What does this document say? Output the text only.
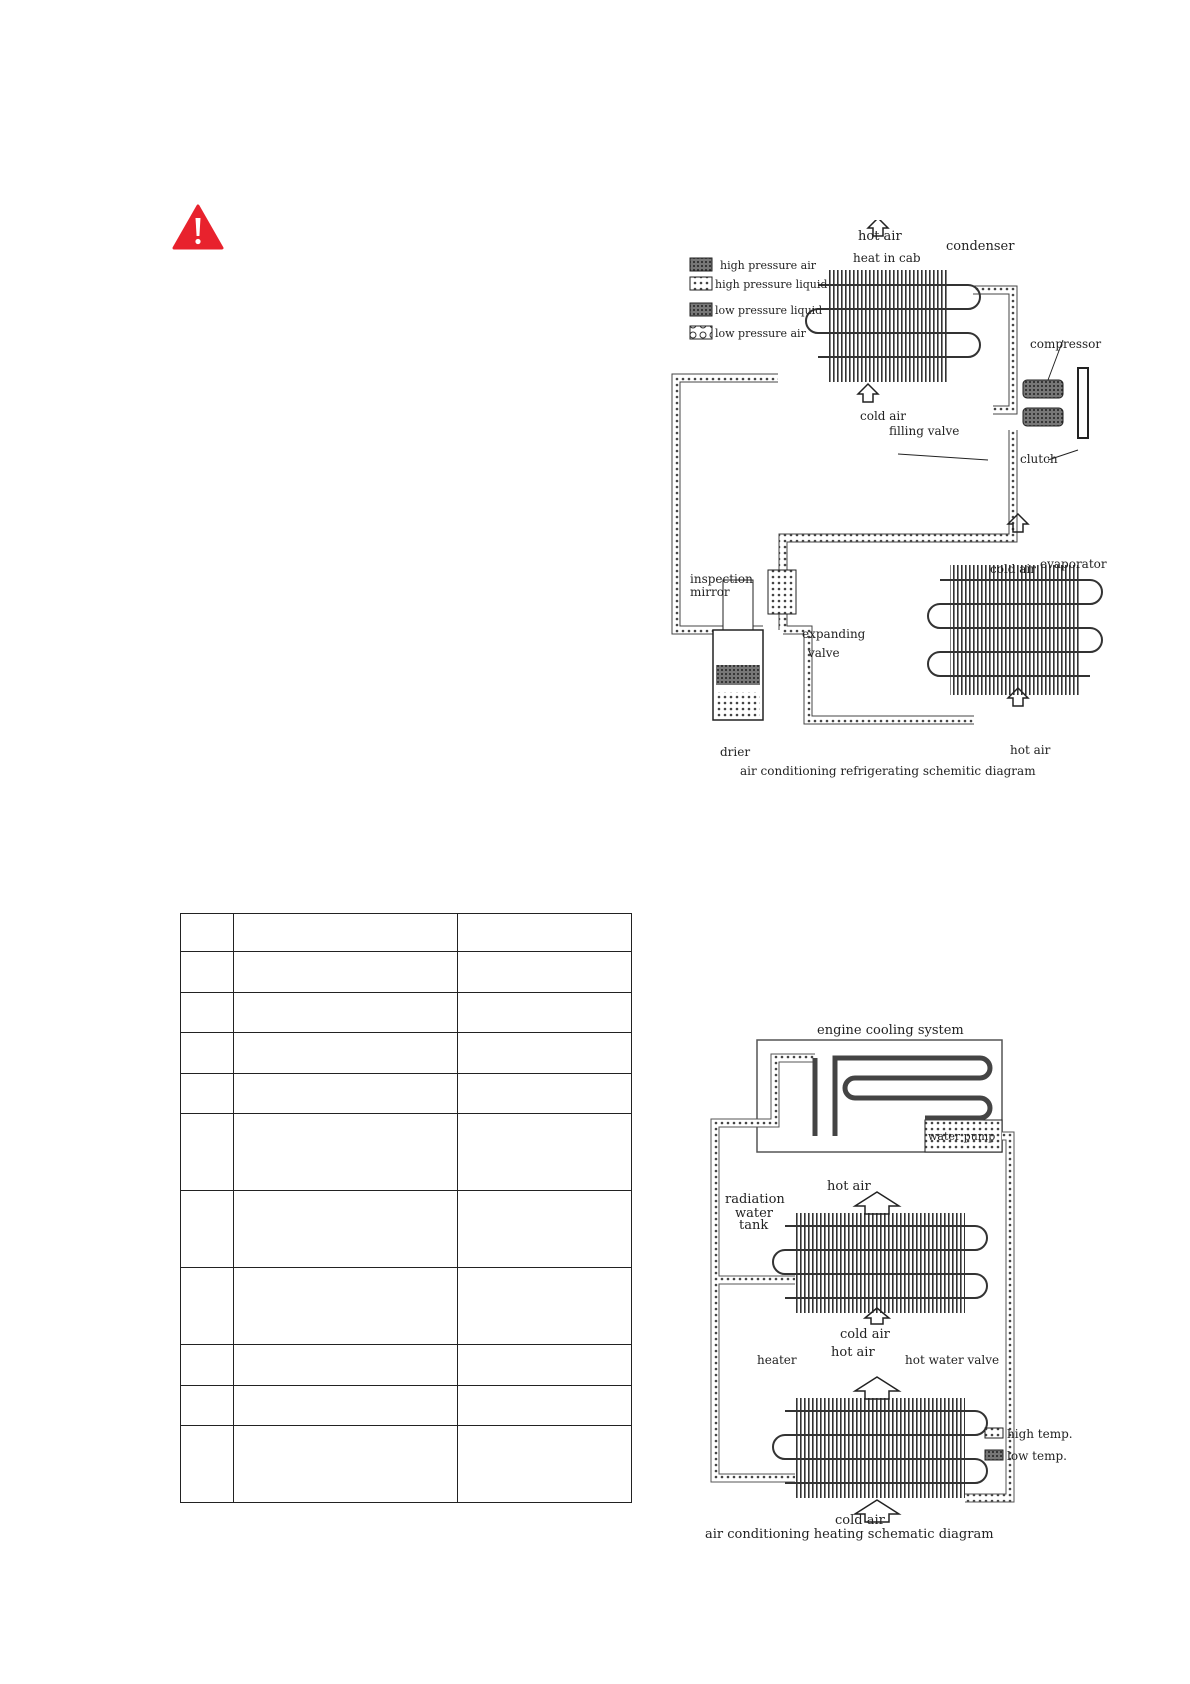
hot air
heat in cab
condenser
high pressure air
high pressure liquid
low pressure liquid
low pressure air
compressor
cold air
filling valve
clutch
cold air evaporator
inspection
mirror
expanding
valve
drier	hot air
air conditioning refrigerating schemitic diagram

engine cooling system
water pump
radiation
water
tank
hot air
cold air
heater	hot air	hot water valve
high temp.
low temp.
cold air
air conditioning heating schematic diagram
